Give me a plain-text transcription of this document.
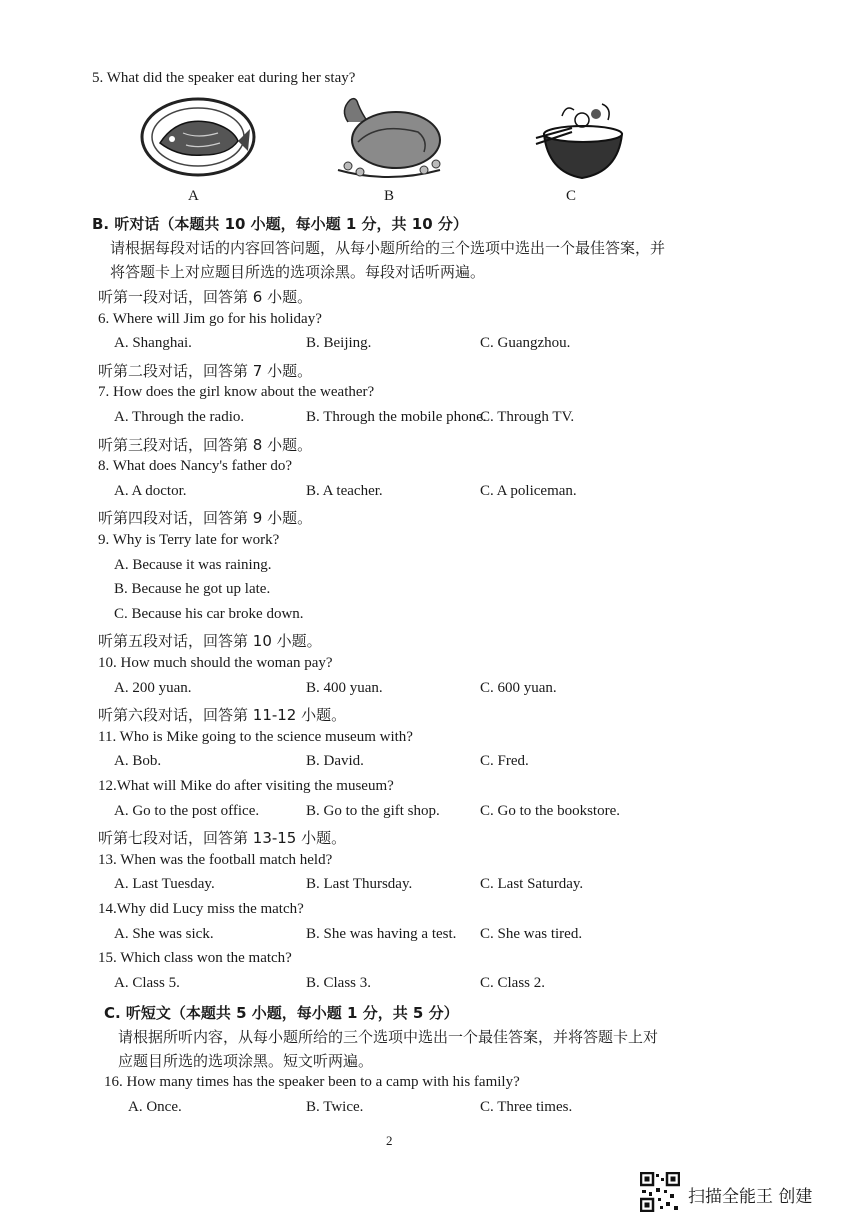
5. What did the speaker eat during her stay?
A	B	C
B. 听对话（本题共 10 小题，每小题 1 分，共 10 分）
请根据每段对话的内容回答问题，从每小题所给的三个选项中选出一个最佳答案，并
将答题卡上对应题目所选的选项涂黑。每段对话听两遍。
听第一段对话，回答第 6 小题。
6. Where will Jim go for his holiday?
A. Shanghai.	B. Beijing.	C. Guangzhou.
听第二段对话，回答第 7 小题。
7. How does the girl know about the weather?
A. Through the radio.	B. Through the mobile phone.
C. Through TV.
听第三段对话，回答第 8 小题。
8. What does Nancy's father do?
A. A doctor.	B. A teacher.	C. A policeman.
听第四段对话，回答第 9 小题。
9. Why is Terry late for work?
A. Because it was raining.
B. Because he got up late.
C. Because his car broke down.
听第五段对话，回答第 10 小题。
10. How much should the woman pay?
A. 200 yuan.	B. 400 yuan.	C. 600 yuan.
听第六段对话，回答第 11-12 小题。
11. Who is Mike going to the science museum with?
A. Bob.	B. David.	C. Fred.
12.What will Mike do after visiting the museum?
A. Go to the post office.	B. Go to the gift shop.	C. Go to the bookstore.
听第七段对话，回答第 13-15 小题。
13. When was the football match held?
A. Last Tuesday.	B. Last Thursday.	C. Last Saturday.
14.Why did Lucy miss the match?
A. She was sick.	B. She was having a test. C. She was tired.
15. Which class won the match?
A. Class 5.	B. Class 3.	C. Class 2.
C. 听短文（本题共 5 小题，每小题 1 分，共 5 分）
请根据所听内容，从每小题所给的三个选项中选出一个最佳答案，并将答题卡上对
应题目所选的选项涂黑。短文听两遍。
16. How many times has the speaker been to a camp with his family?
A. Once.	B. Twice.	C. Three times.
2
扫描全能王 创建
